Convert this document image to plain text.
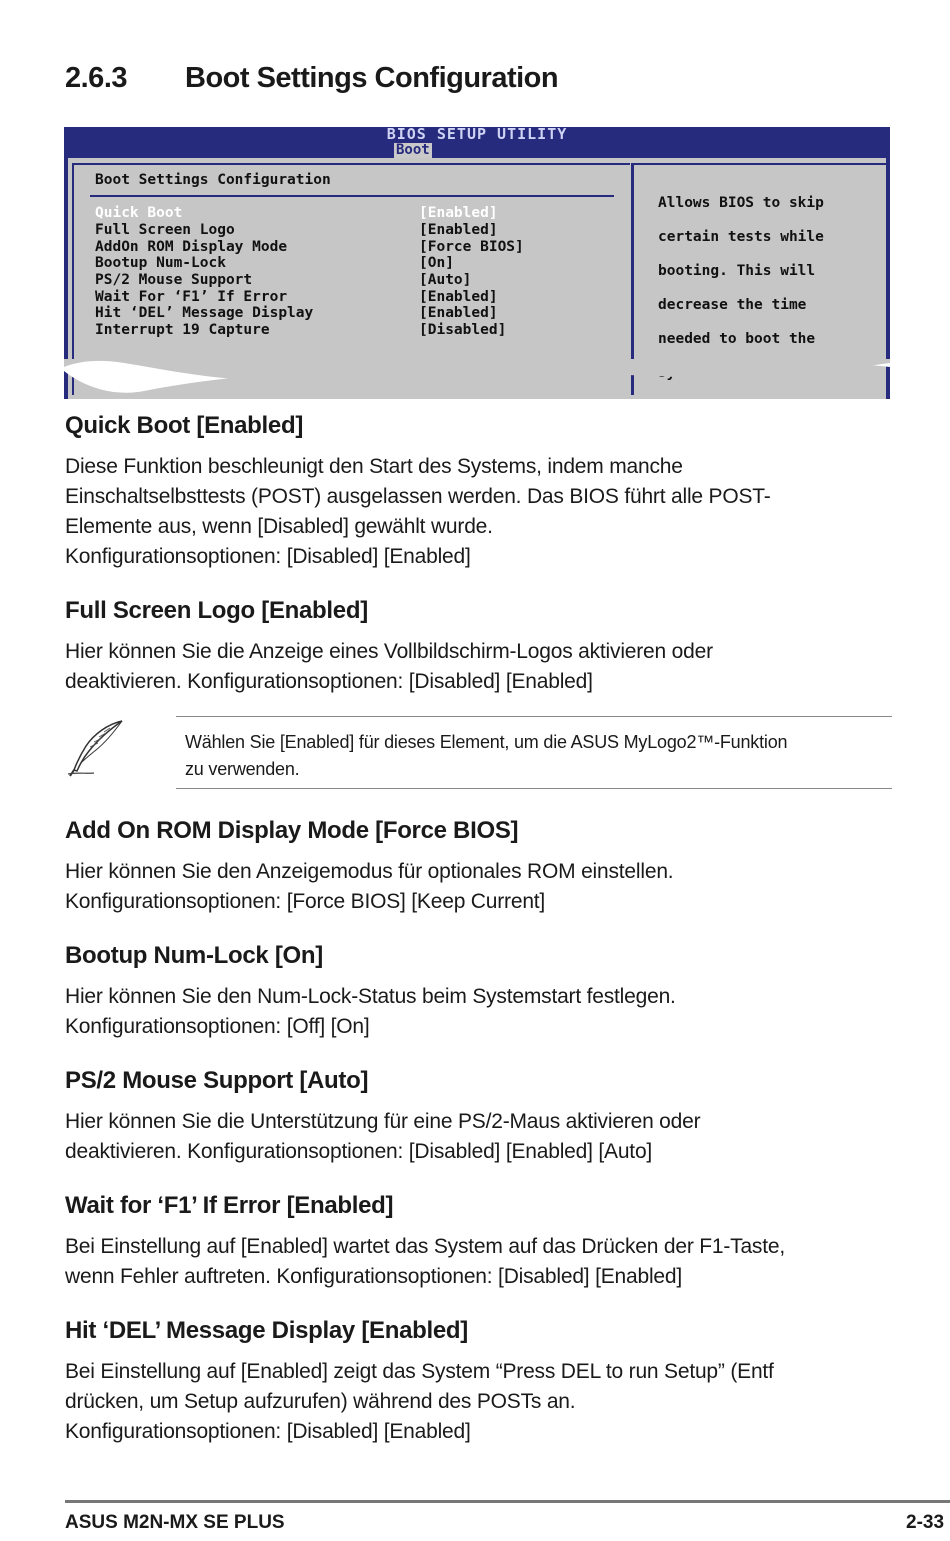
2.6.3 Boot Settings Configuration
BIOS SETUP UTILITY
Boot
Boot Settings Configuration
Quick Boot	[Enabled]
Full Screen Logo	[Enabled]
AddOn ROM Display Mode	[Force BIOS]
Bootup Num-Lock	[On]
PS/2 Mouse Support	[Auto]
Wait For ‘F1’ If Error	[Enabled]
Hit ‘DEL’ Message Display	[Enabled]
Interrupt 19 Capture	[Disabled]

Allows BIOS to skip

certain tests while

booting. This will

decrease the time

needed to boot the

Quick Boot [Enabled]

Diese Funktion beschleunigt den Start des Systems, indem manche
Einschaltselbsttests (POST) ausgelassen werden. Das BIOS führt alle POST-
Elemente aus, wenn [Disabled] gewählt wurde.
Konfigurationsoptionen: [Disabled] [Enabled]

Full Screen Logo [Enabled]

Hier können Sie die Anzeige eines Vollbildschirm-Logos aktivieren oder
deaktivieren. Konfigurationsoptionen: [Disabled] [Enabled]

Wählen Sie [Enabled] für dieses Element, um die ASUS MyLogo2™-Funktion
zu verwenden.
Add On ROM Display Mode [Force BIOS]

Hier können Sie den Anzeigemodus für optionales ROM einstellen.
Konfigurationsoptionen: [Force BIOS] [Keep Current]

Bootup Num-Lock [On]

Hier können Sie den Num-Lock-Status beim Systemstart festlegen.
Konfigurationsoptionen: [Off] [On]

PS/2 Mouse Support [Auto]

Hier können Sie die Unterstützung für eine PS/2-Maus aktivieren oder
deaktivieren. Konfigurationsoptionen: [Disabled] [Enabled] [Auto]

Wait for ‘F1’ If Error [Enabled]

Bei Einstellung auf [Enabled] wartet das System auf das Drücken der F1-Taste,
wenn Fehler auftreten. Konfigurationsoptionen: [Disabled] [Enabled]

Hit ‘DEL’ Message Display [Enabled]

Bei Einstellung auf [Enabled] zeigt das System “Press DEL to run Setup” (Entf
drücken, um Setup aufzurufen) während des POSTs an.
Konfigurationsoptionen: [Disabled] [Enabled]

ASUS M2N-MX SE PLUS	2-33
